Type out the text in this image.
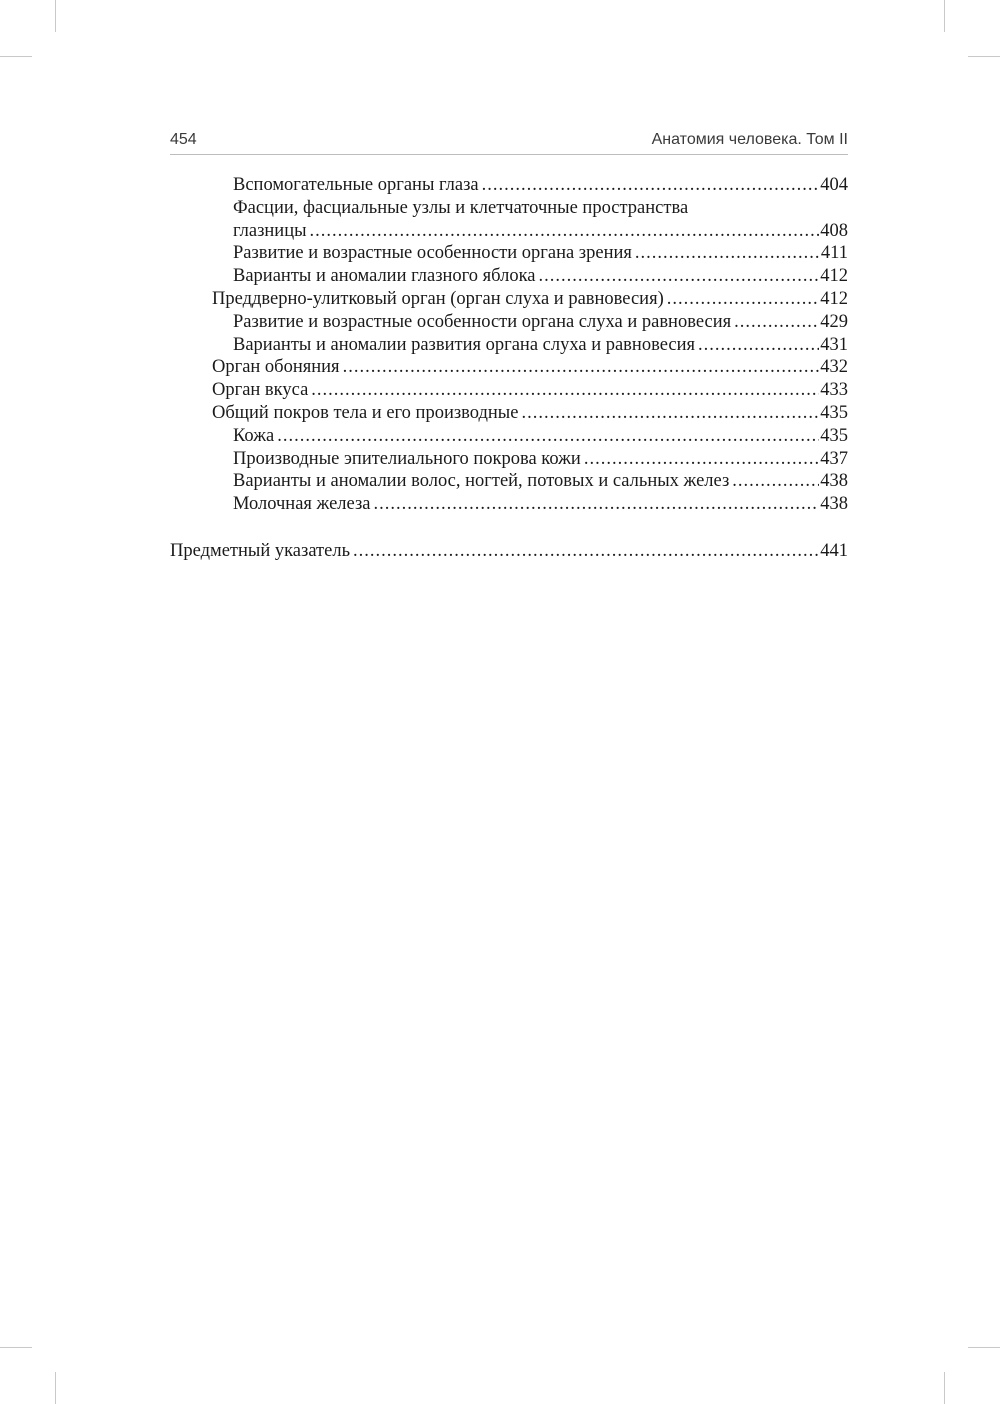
454	Анатомия человека. Том II
Вспомогательные органы глаза .....	404
Фасции, фасциальные узлы и клетчаточные пространства
глазницы .....	408
Развитие и возрастные особенности органа зрения .....	411
Варианты и аномалии глазного яблока .....	412
Преддверно-улитковый орган (орган слуха и равновесия) .....	412
Развитие и возрастные особенности органа слуха и равновесия .....	429
Варианты и аномалии развития органа слуха и равновесия .....	431
Орган обоняния .....	432
Орган вкуса .....	433
Общий покров тела и его производные .....	435
Кожа .....	435
Производные эпителиального покрова кожи .....	437
Варианты и аномалии волос, ногтей, потовых и сальных желез .....	438
Молочная железа .....	438
Предметный указатель .....	441
